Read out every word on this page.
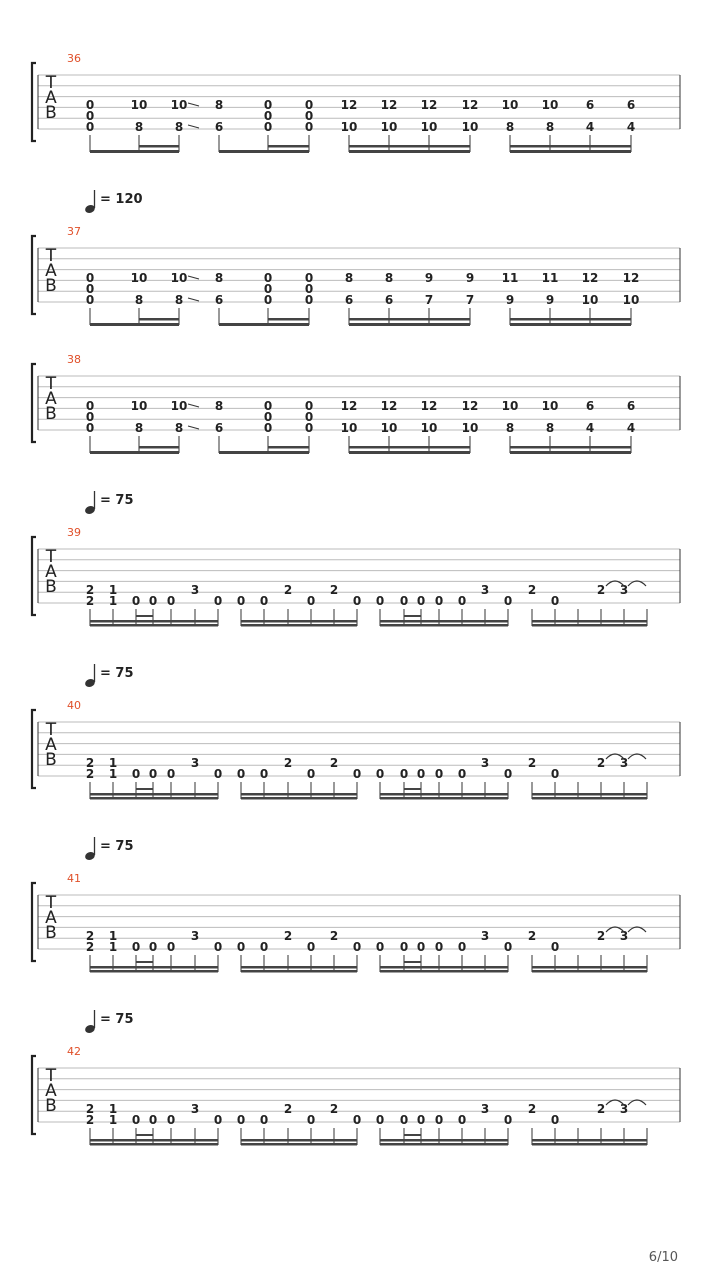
= 120
= 75
= 75
= 75
= 75
T
A
B
36
0
0
0
10
8
10
8
8
6
0
0
0
0
0
0
12
10
12
10
12
10
12
10
10
8
10
8
6
4
6
4
T
A
B
37
0
0
0
10
8
10
8
8
6
0
0
0
0
0
0
8
6
8
6
9
7
9
7
11
9
11
9
12
10
12
10
T
A
B
38
0
0
0
10
8
10
8
8
6
0
0
0
0
0
0
12
10
12
10
12
10
12
10
10
8
10
8
6
4
6
4
T
A
B
39
2
2
1
1 0 0 0
3
0 0 0
2
0
2
0 0 0 0 0 0
3
0
2
0
2 3
T
A
B
40
2
2
1
1 0 0 0
3
0 0 0
2
0
2
0 0 0 0 0 0
3
0
2
0
2 3
T
A
B
41
2
2
1
1 0 0 0
3
0 0 0
2
0
2
0 0 0 0 0 0
3
0
2
0
2 3
T
A
B
42
2
2
1
1 0 0 0
3
0 0 0
2
0
2
0 0 0 0 0 0
3
0
2
0
2 3
6/10
